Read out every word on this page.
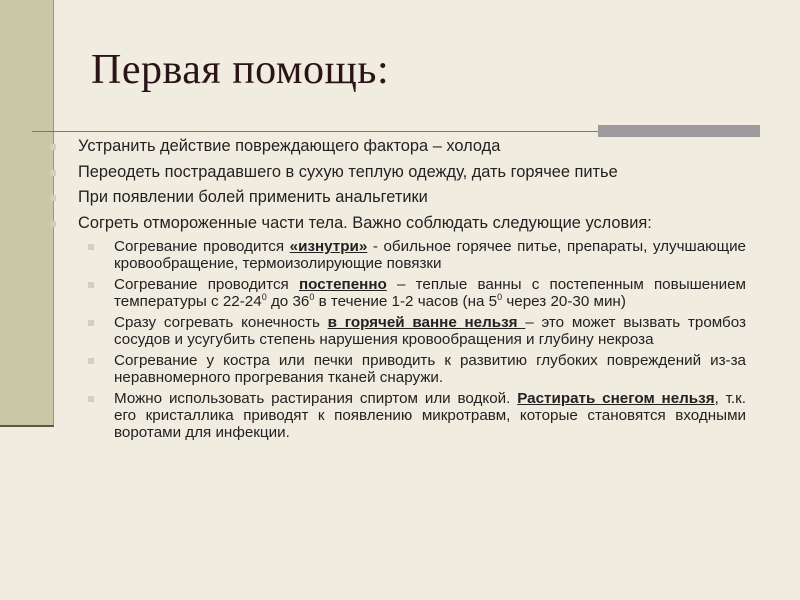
Первая помощь:
Устранить действие повреждающего фактора – холода
Переодеть пострадавшего в сухую теплую одежду, дать горячее питье
При появлении болей применить анальгетики
Согреть отмороженные части тела. Важно соблюдать следующие условия:
Согревание проводится «изнутри» - обильное горячее питье, препараты, улучшающие кровообращение, термоизолирующие повязки
Согревание проводится постепенно – теплые ванны с постепенным повышением температуры с $22-24^0$ до $36^0$ в течение 1-2 часов (на $5^0$ через 20-30 мин)
Сразу согревать конечность в горячей ванне нельзя – это может вызвать тромбоз сосудов и усугубить степень нарушения кровообращения и глубину некроза
Согревание у костра или печки приводить к развитию глубоких повреждений из-за неравномерного прогревания тканей снаружи.
Можно использовать растирания спиртом или водкой. Растирать снегом нельзя, т.к. его кристаллика приводят к появлению микротравм, которые становятся входными воротами для инфекции.
